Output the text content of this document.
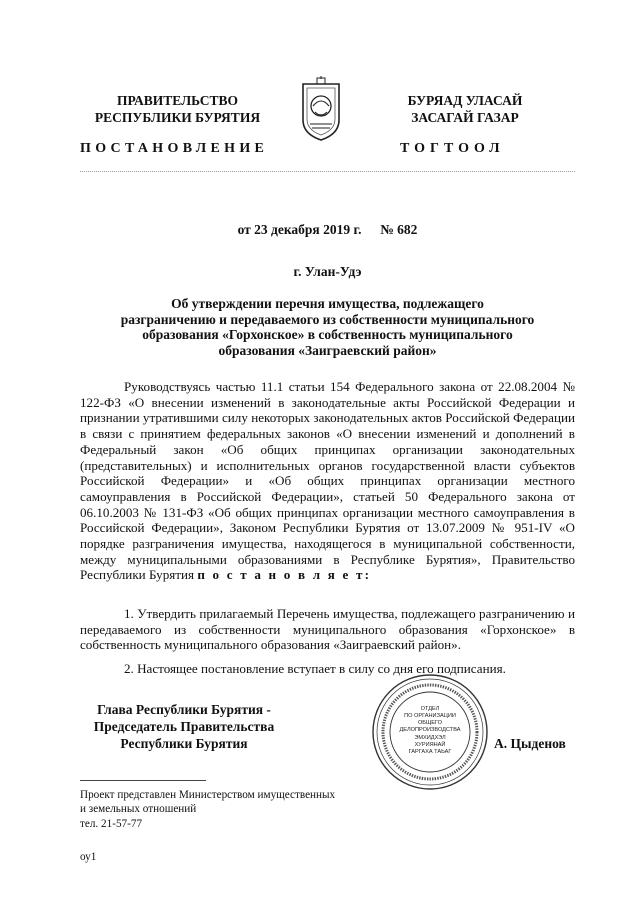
ПРАВИТЕЛЬСТВО
РЕСПУБЛИКИ БУРЯТИЯ
БУРЯАД УЛАСАЙ
ЗАСАГАЙ ГАЗАР
ПОСТАНОВЛЕНИЕ	ТОГТООЛ
от 23 декабря 2019 г. № 682
г. Улан-Удэ
Об утверждении перечня имущества, подлежащего
разграничению и передаваемого из собственности муниципального
образования «Горхонское» в собственность муниципального
образования «Заиграевский район»
Руководствуясь частью 11.1 статьи 154 Федерального закона от 22.08.2004 № 122-ФЗ «О внесении изменений в законодательные акты Российской Федерации и признании утратившими силу некоторых законодательных актов Российской Федерации в связи с принятием федеральных законов «О внесении изменений и дополнений в Федеральный закон «Об общих принципах организации законодательных (представительных) и исполнительных органов государственной власти субъектов Российской Федерации» и «Об общих принципах организации местного самоуправления в Российской Федерации», статьей 50 Федерального закона от 06.10.2003 № 131-ФЗ «Об общих принципах организации местного самоуправления в Российской Федерации», Законом Республики Бурятия от 13.07.2009 № 951-IV «О порядке разграничения имущества, находящегося в муниципальной собственности, между муниципальными образованиями в Республике Бурятия», Правительство Республики Бурятия п о с т а н о в л я е т:
1. Утвердить прилагаемый Перечень имущества, подлежащего разграничению и передаваемого из собственности муниципального образования «Горхонское» в собственность муниципального образования «Заиграевский район».
2. Настоящее постановление вступает в силу со дня его подписания.
Глава Республики Бурятия -
Председатель Правительства
Республики Бурятия
ОТДЕЛ
ПО ОРГАНИЗАЦИИ
ОБЩЕГО
ДЕЛОПРОИЗВОДСТВА
ЭМХИДХЭЛ
ХУРИЯНАЙ
ГАРГАХА ТАЬАГ
А. Цыденов
Проект представлен Министерством имущественных
и земельных отношений
тел. 21-57-77
оу1
